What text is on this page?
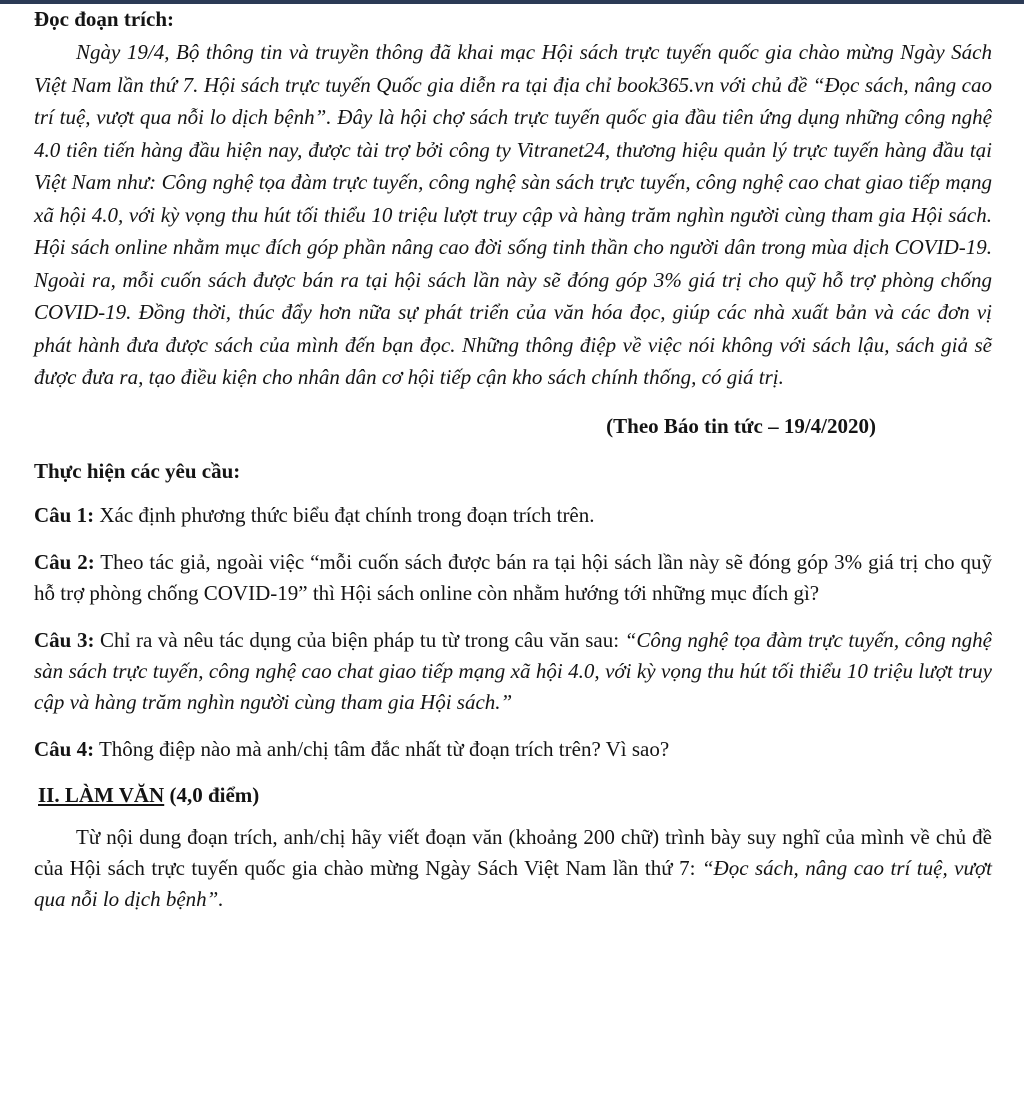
Đọc đoạn trích:

Ngày 19/4, Bộ thông tin và truyền thông đã khai mạc Hội sách trực tuyến quốc gia chào mừng Ngày Sách Việt Nam lần thứ 7. Hội sách trực tuyến Quốc gia diễn ra tại địa chỉ book365.vn với chủ đề “Đọc sách, nâng cao trí tuệ, vượt qua nỗi lo dịch bệnh”. Đây là hội chợ sách trực tuyến quốc gia đầu tiên ứng dụng những công nghệ 4.0 tiên tiến hàng đầu hiện nay, được tài trợ bởi công ty Vitranet24, thương hiệu quản lý trực tuyến hàng đầu tại Việt Nam như: Công nghệ tọa đàm trực tuyến, công nghệ sàn sách trực tuyến, công nghệ cao chat giao tiếp mạng xã hội 4.0, với kỳ vọng thu hút tối thiểu 10 triệu lượt truy cập và hàng trăm nghìn người cùng tham gia Hội sách. Hội sách online nhằm mục đích góp phần nâng cao đời sống tinh thần cho người dân trong mùa dịch COVID-19. Ngoài ra, mỗi cuốn sách được bán ra tại hội sách lần này sẽ đóng góp 3% giá trị cho quỹ hỗ trợ phòng chống COVID-19. Đồng thời, thúc đẩy hơn nữa sự phát triển của văn hóa đọc, giúp các nhà xuất bản và các đơn vị phát hành đưa được sách của mình đến bạn đọc. Những thông điệp về việc nói không với sách lậu, sách giả sẽ được đưa ra, tạo điều kiện cho nhân dân cơ hội tiếp cận kho sách chính thống, có giá trị.

(Theo Báo tin tức – 19/4/2020)

Thực hiện các yêu cầu:

Câu 1: Xác định phương thức biểu đạt chính trong đoạn trích trên.

Câu 2: Theo tác giả, ngoài việc “mỗi cuốn sách được bán ra tại hội sách lần này sẽ đóng góp 3% giá trị cho quỹ hỗ trợ phòng chống COVID-19” thì Hội sách online còn nhằm hướng tới những mục đích gì?

Câu 3: Chỉ ra và nêu tác dụng của biện pháp tu từ trong câu văn sau: “Công nghệ tọa đàm trực tuyến, công nghệ sàn sách trực tuyến, công nghệ cao chat giao tiếp mạng xã hội 4.0, với kỳ vọng thu hút tối thiểu 10 triệu lượt truy cập và hàng trăm nghìn người cùng tham gia Hội sách.”

Câu 4: Thông điệp nào mà anh/chị tâm đắc nhất từ đoạn trích trên? Vì sao?

II. LÀM VĂN (4,0 điểm)

Từ nội dung đoạn trích, anh/chị hãy viết đoạn văn (khoảng 200 chữ) trình bày suy nghĩ của mình về chủ đề của Hội sách trực tuyến quốc gia chào mừng Ngày Sách Việt Nam lần thứ 7: “Đọc sách, nâng cao trí tuệ, vượt qua nỗi lo dịch bệnh”.
